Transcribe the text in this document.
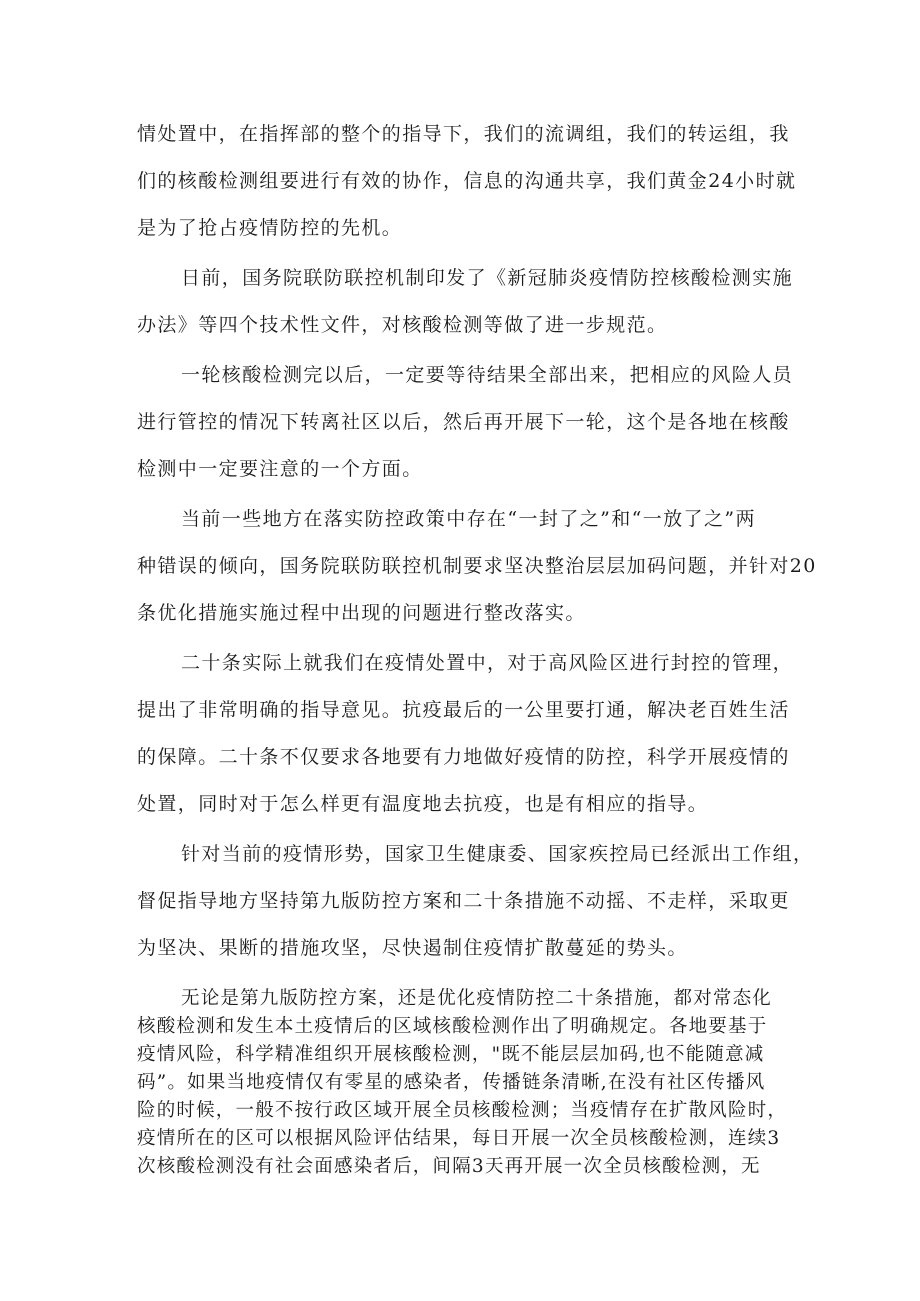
情处置中，在指挥部的整个的指导下，我们的流调组，我们的转运组，我
们的核酸检测组要进行有效的协作，信息的沟通共享，我们黄金24小时就
是为了抢占疫情防控的先机。
日前，国务院联防联控机制印发了《新冠肺炎疫情防控核酸检测实施
办法》等四个技术性文件，对核酸检测等做了进一步规范。
一轮核酸检测完以后，一定要等待结果全部出来，把相应的风险人员
进行管控的情况下转离社区以后，然后再开展下一轮，这个是各地在核酸
检测中一定要注意的一个方面。
当前一些地方在落实防控政策中存在“一封了之”和“一放了之”两
种错误的倾向，国务院联防联控机制要求坚决整治层层加码问题，并针对20
条优化措施实施过程中出现的问题进行整改落实。
二十条实际上就我们在疫情处置中，对于高风险区进行封控的管理，
提出了非常明确的指导意见。抗疫最后的一公里要打通，解决老百姓生活
的保障。二十条不仅要求各地要有力地做好疫情的防控，科学开展疫情的
处置，同时对于怎么样更有温度地去抗疫，也是有相应的指导。
针对当前的疫情形势，国家卫生健康委、国家疾控局已经派出工作组，
督促指导地方坚持第九版防控方案和二十条措施不动摇、不走样，采取更
为坚决、果断的措施攻坚，尽快遏制住疫情扩散蔓延的势头。
无论是第九版防控方案，还是优化疫情防控二十条措施，都对常态化
核酸检测和发生本土疫情后的区域核酸检测作出了明确规定。各地要基于
疫情风险，科学精准组织开展核酸检测，"既不能层层加码,也不能随意减
码”。如果当地疫情仅有零星的感染者，传播链条清晰,在没有社区传播风
险的时候，一般不按行政区域开展全员核酸检测；当疫情存在扩散风险时，
疫情所在的区可以根据风险评估结果，每日开展一次全员核酸检测，连续3
次核酸检测没有社会面感染者后，间隔3天再开展一次全员核酸检测，无
